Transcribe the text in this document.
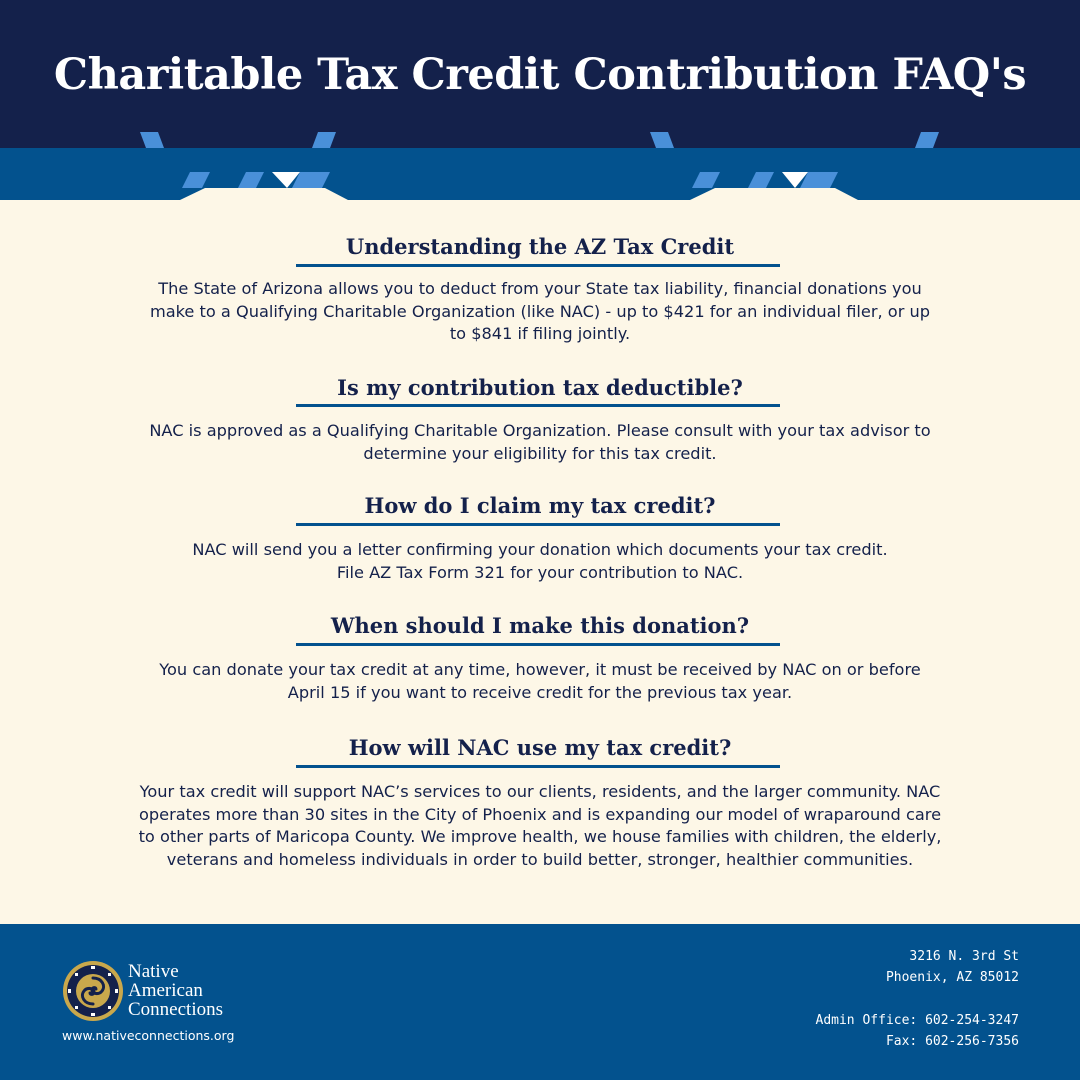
Charitable Tax Credit Contribution FAQ's
Understanding the AZ Tax Credit

The State of Arizona allows you to deduct from your State tax liability, financial donations you
make to a Qualifying Charitable Organization (like NAC) - up to $421 for an individual filer, or up
to $841 if filing jointly.

Is my contribution tax deductible?

NAC is approved as a Qualifying Charitable Organization. Please consult with your tax advisor to
determine your eligibility for this tax credit.

How do I claim my tax credit?

NAC will send you a letter confirming your donation which documents your tax credit.
File AZ Tax Form 321 for your contribution to NAC.

When should I make this donation?

You can donate your tax credit at any time, however, it must be received by NAC on or before
April 15 if you want to receive credit for the previous tax year.

How will NAC use my tax credit?

Your tax credit will support NAC’s services to our clients, residents, and the larger community. NAC
operates more than 30 sites in the City of Phoenix and is expanding our model of wraparound care
to other parts of Maricopa County. We improve health, we house families with children, the elderly,
veterans and homeless individuals in order to build better, stronger, healthier communities.

Native
American
Connections
www.nativeconnections.org
3216 N. 3rd St
Phoenix, AZ 85012
Admin Office: 602-254-3247
Fax: 602-256-7356
